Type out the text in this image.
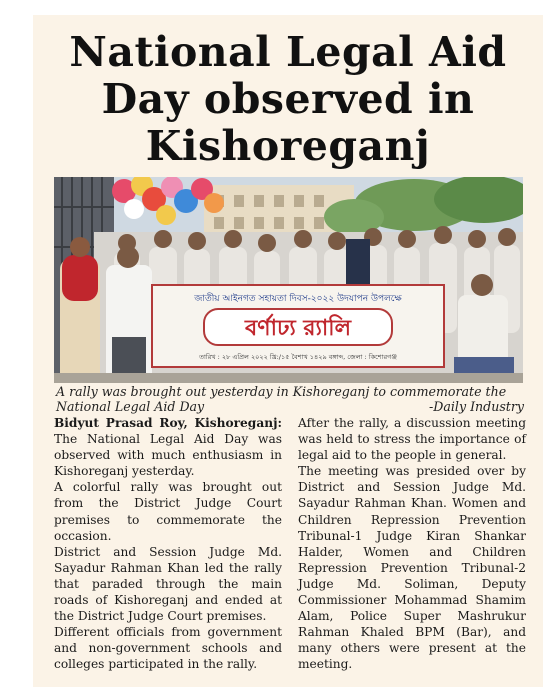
National Legal Aid
Day observed in
Kishoreganj
জাতীয় আইনগত সহায়তা দিবস-২০২২ উদযাপন উপলক্ষে
বর্ণাঢ্য র‍্যালি
তারিখ : ২৮ এপ্রিল ২০২২ খ্রি:/১৫ বৈশাখ ১৪২৯ বঙ্গাব্দ, জেলা : কিশোরগঞ্জ
A rally was brought out yesterday in Kishoreganj to commemorate the National Legal Aid Day	-Daily Industry

Bidyut Prasad Roy, Kishoreganj: The National Legal Aid Day was observed with much enthusiasm in Kishoreganj yesterday.

A colorful rally was brought out from the District Judge Court premises to commemorate the occasion.

District and Session Judge Md. Sayadur Rahman Khan led the rally that paraded through the main roads of Kishoreganj and ended at the District Judge Court premises.

Different officials from government and non-government schools and colleges participated in the rally.

After the rally, a discussion meeting was held to stress the importance of legal aid to the people in general.

The meeting was presided over by District and Session Judge Md. Sayadur Rahman Khan. Women and Children Repression Prevention Tribunal-1 Judge Kiran Shankar Halder, Women and Children Repression Prevention Tribunal-2 Judge Md. Soliman, Deputy Commissioner Mohammad Shamim Alam, Police Super Mashrukur Rahman Khaled BPM (Bar), and many others were present at the meeting.
